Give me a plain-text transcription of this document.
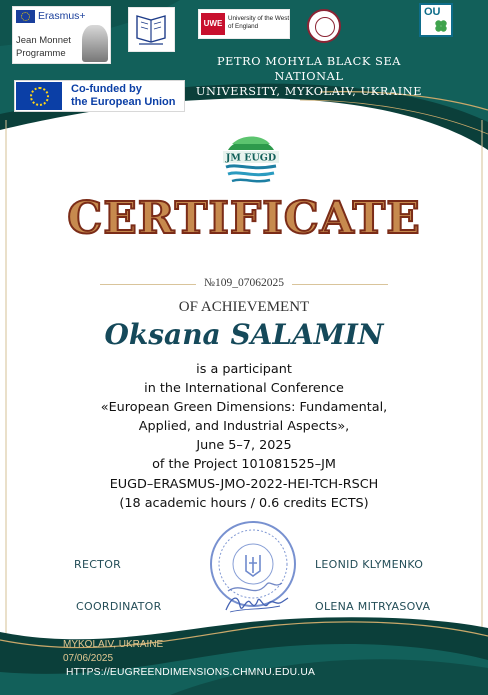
Erasmus+
Jean Monnet
Programme
UWE
University of the West of England
OU
PETRO MOHYLA BLACK SEA NATIONAL
UNIVERSITY, MYKOLAIV, UKRAINE
Co-funded by
the European Union
JM EUGD
CERTIFICATE
№109_07062025
OF ACHIEVEMENT
Oksana SALAMIN
is a participant
in the International Conference
«European Green Dimensions: Fundamental,
Applied, and Industrial Aspects»,
June 5–7, 2025
of the Project 101081525–JM
EUGD–ERASMUS-JMO-2022-HEI-TCH-RSCH
(18 academic hours / 0.6 credits ECTS)
RECTOR	LEONID KLYMENKO
COORDINATOR	OLENA MITRYASOVA
MYKOLAIV, UKRAINE
07/06/2025
HTTPS://EUGREENDIMENSIONS.CHMNU.EDU.UA
